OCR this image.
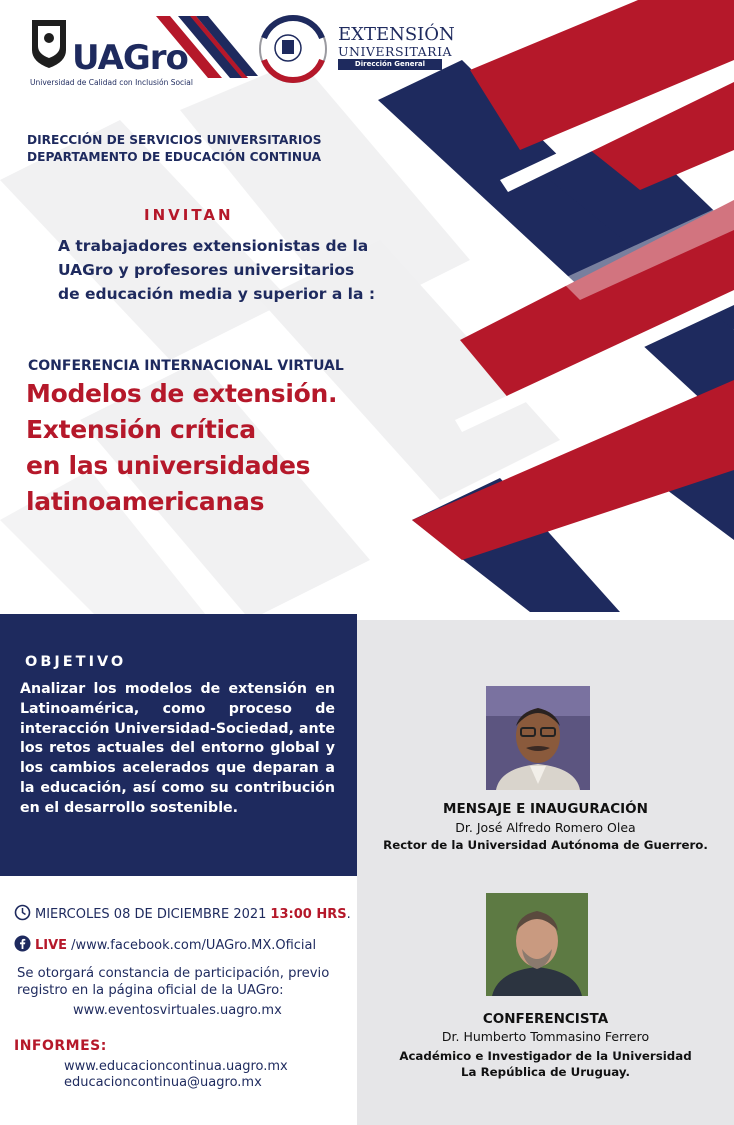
UAGro
Universidad de Calidad con Inclusión Social
EXTENSIÓN
UNIVERSITARIA
Dirección General
DIRECCIÓN DE SERVICIOS UNIVERSITARIOS
DEPARTAMENTO DE EDUCACIÓN CONTINUA
INVITAN
A trabajadores extensionistas de la
UAGro y profesores universitarios
de educación media y superior a la :
CONFERENCIA INTERNACIONAL VIRTUAL
Modelos de extensión.
Extensión crítica
en las universidades
latinoamericanas
OBJETIVO
Analizar los modelos de extensión en Latinoamérica, como proceso de interacción Universidad-Sociedad, ante los retos actuales del entorno global y los cambios acelerados que deparan a la educación, así como su contribución en el desarrollo sostenible.	MENSAJE E INAUGURACIÓN
Dr. José Alfredo Romero Olea
Rector de la Universidad Autónoma de Guerrero.
CONFERENCISTA
Dr. Humberto Tommasino Ferrero
Académico e Investigador de la Universidad
La República de Uruguay.
MIERCOLES 08 DE DICIEMBRE 2021 13:00 HRS .
LIVE /www.facebook.com/UAGro.MX.Oficial
Se otorgará constancia de participación, previo
registro en la página oficial de la UAGro:
www.eventosvirtuales.uagro.mx
INFORMES:
www.educacioncontinua.uagro.mx
educacioncontinua@uagro.mx
